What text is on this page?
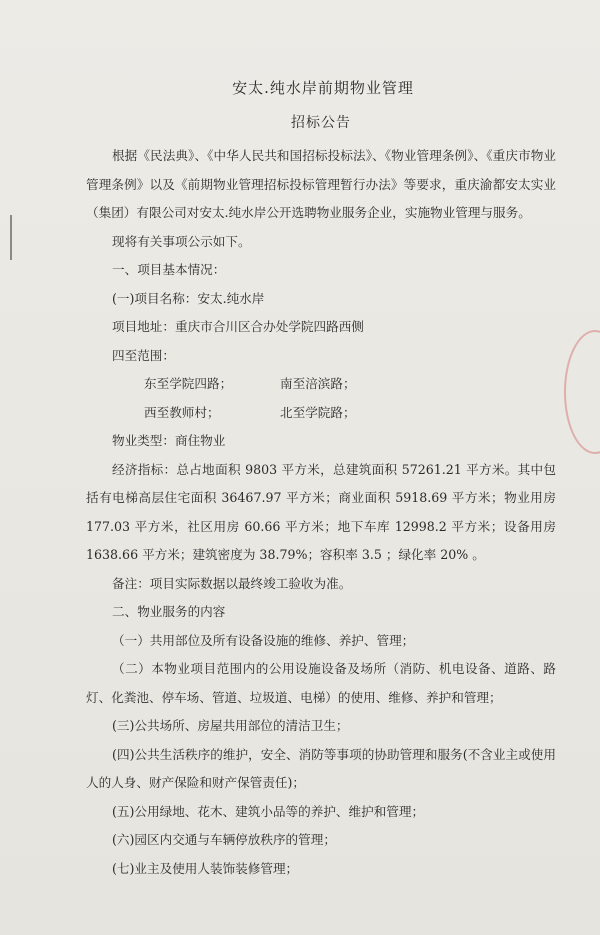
安太.纯水岸前期物业管理
招标公告

根据《民法典》、《中华人民共和国招标投标法》、《物业管理条例》、《重庆市物业管理条例》以及《前期物业管理招标投标管理暂行办法》等要求，重庆渝都安太实业（集团）有限公司对安太.纯水岸公开选聘物业服务企业，实施物业管理与服务。

现将有关事项公示如下。

一、项目基本情况：

(一)项目名称：安太.纯水岸

项目地址：重庆市合川区合办处学院四路西侧

四至范围：

东至学院四路；	南至涪滨路；
西至教师村；	北至学院路；

物业类型：商住物业

经济指标：总占地面积 9803 平方米，总建筑面积 57261.21 平方米。其中包括有电梯高层住宅面积 36467.97 平方米；商业面积 5918.69 平方米；物业用房 177.03 平方米，社区用房 60.66 平方米；地下车库 12998.2 平方米；设备用房 1638.66 平方米；建筑密度为 38.79%；容积率 3.5 ；绿化率 20% 。

备注：项目实际数据以最终竣工验收为准。

二、物业服务的内容

（一）共用部位及所有设备设施的维修、养护、管理；

（二）本物业项目范围内的公用设施设备及场所（消防、机电设备、道路、路灯、化粪池、停车场、管道、垃圾道、电梯）的使用、维修、养护和管理；

(三)公共场所、房屋共用部位的清洁卫生；

(四)公共生活秩序的维护，安全、消防等事项的协助管理和服务(不含业主或使用人的人身、财产保险和财产保管责任)；

(五)公用绿地、花木、建筑小品等的养护、维护和管理；

(六)园区内交通与车辆停放秩序的管理；

(七)业主及使用人装饰装修管理；
